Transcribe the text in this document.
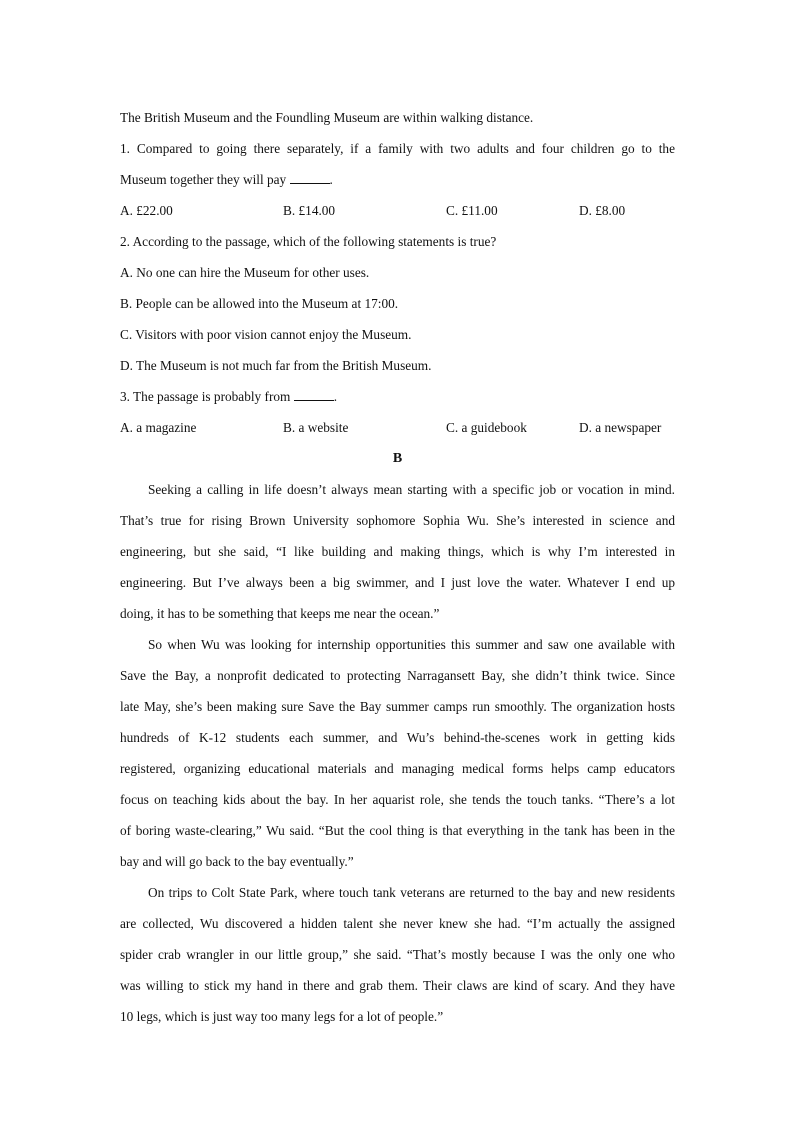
The British Museum and the Foundling Museum are within walking distance.
1. Compared to going there separately, if a family with two adults and four children go to the
Museum together they will pay	.
A. £22.00	B. £14.00	C. £11.00	D. £8.00
2. According to the passage, which of the following statements is true?
A. No one can hire the Museum for other uses.
B. People can be allowed into the Museum at 17:00.
C. Visitors with poor vision cannot enjoy the Museum.
D. The Museum is not much far from the British Museum.
3. The passage is probably from	.
A. a magazine	B. a website	C. a guidebook	D. a newspaper
B
Seeking a calling in life doesn’t always mean starting with a specific job or vocation in mind.
That’s true for rising Brown University sophomore Sophia Wu. She’s interested in science and
engineering, but she said, “I like building and making things, which is why I’m interested in
engineering. But I’ve always been a big swimmer, and I just love the water. Whatever I end up
doing, it has to be something that keeps me near the ocean.”
So when Wu was looking for internship opportunities this summer and saw one available with
Save the Bay, a nonprofit dedicated to protecting Narragansett Bay, she didn’t think twice. Since
late May, she’s been making sure Save the Bay summer camps run smoothly. The organization hosts
hundreds of K-12 students each summer, and Wu’s behind-the-scenes work in getting kids
registered, organizing educational materials and managing medical forms helps camp educators
focus on teaching kids about the bay. In her aquarist role, she tends the touch tanks. “There’s a lot
of boring waste-clearing,” Wu said. “But the cool thing is that everything in the tank has been in the
bay and will go back to the bay eventually.”
On trips to Colt State Park, where touch tank veterans are returned to the bay and new residents
are collected, Wu discovered a hidden talent she never knew she had. “I’m actually the assigned
spider crab wrangler in our little group,” she said. “That’s mostly because I was the only one who
was willing to stick my hand in there and grab them. Their claws are kind of scary. And they have
10 legs, which is just way too many legs for a lot of people.”
